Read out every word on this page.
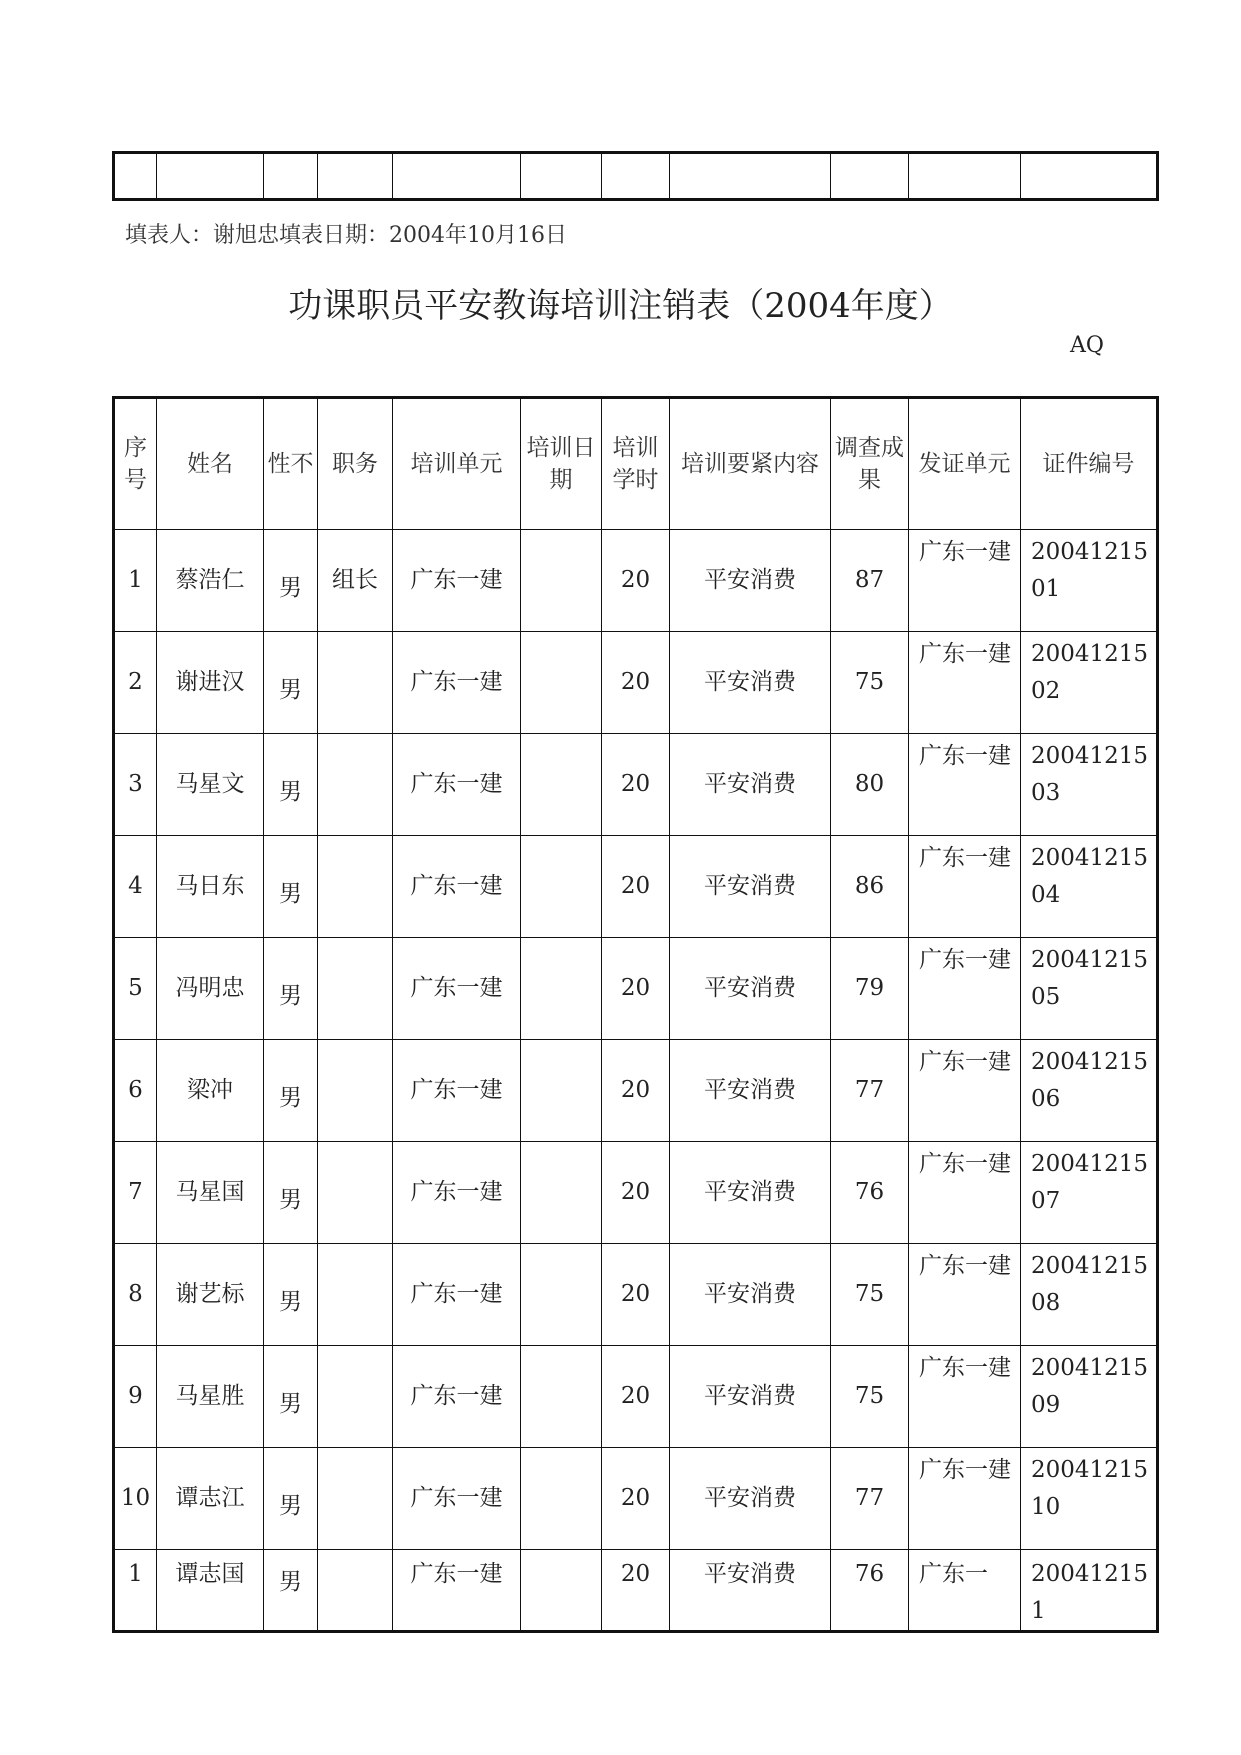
填表人：谢旭忠填表日期：2004年10月16日

功课职员平安教诲培训注销表（2004年度）

AQ

序号	姓名	性不	职务	培训单元	培训日期	培训学时	培训要紧内容	调查成果	发证单元	证件编号
1	蔡浩仁	男	组长	广东一建		20	平安消费	87	广东一建	2004121501
2	谢进汉	男		广东一建		20	平安消费	75	广东一建	2004121502
3	马星文	男		广东一建		20	平安消费	80	广东一建	2004121503
4	马日东	男		广东一建		20	平安消费	86	广东一建	2004121504
5	冯明忠	男		广东一建		20	平安消费	79	广东一建	2004121505
6	梁冲	男		广东一建		20	平安消费	77	广东一建	2004121506
7	马星国	男		广东一建		20	平安消费	76	广东一建	2004121507
8	谢艺标	男		广东一建		20	平安消费	75	广东一建	2004121508
9	马星胜	男		广东一建		20	平安消费	75	广东一建	2004121509
10	谭志江	男		广东一建		20	平安消费	77	广东一建	2004121510
1	谭志国	男		广东一建		20	平安消费	76	广东一	200412151
